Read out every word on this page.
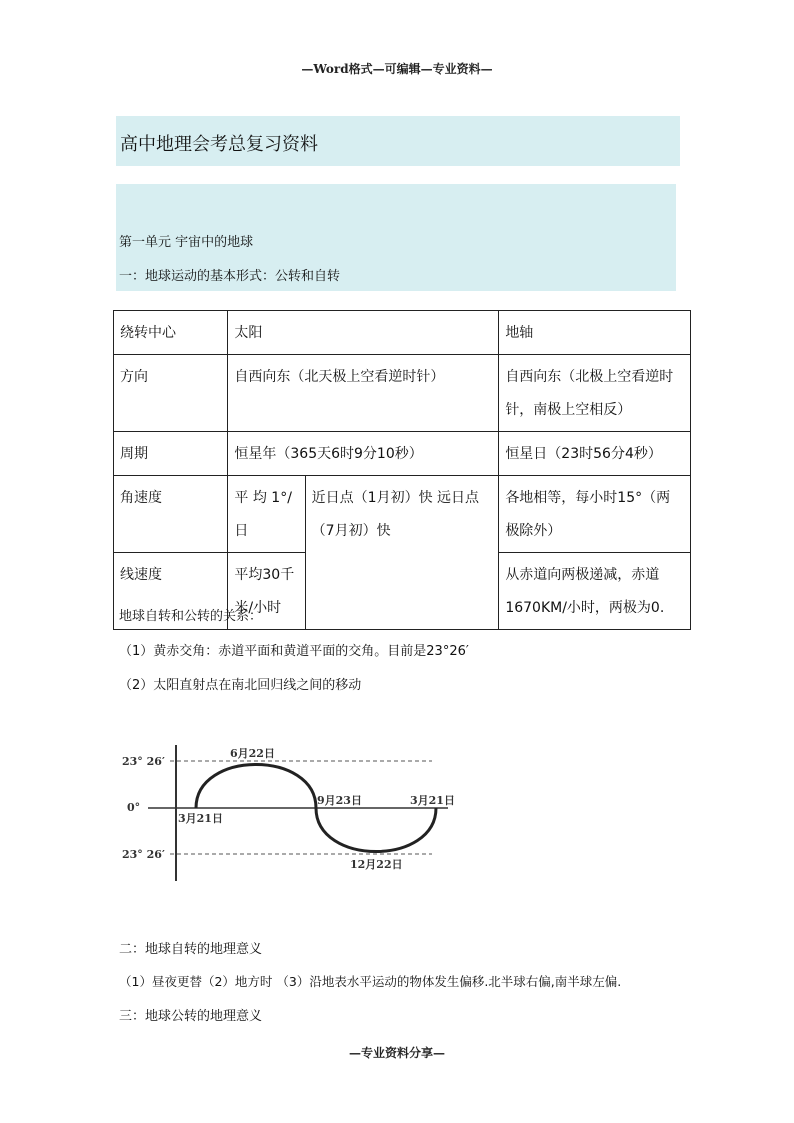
—Word格式—可编辑—专业资料—
高中地理会考总复习资料
第一单元 宇宙中的地球
一：地球运动的基本形式：公转和自转
绕转中心	太阳		地轴
方向	自西向东（北天极上空看逆时针）		自西向东（北极上空看逆时针，南极上空相反）
周期	恒星年（365天6时9分10秒）		恒星日（23时56分4秒）
角速度	平 均 1°/日	近日点（1月初）快 远日点（7月初）快	各地相等，每小时15°（两极除外）
线速度	平均30千米/小时		从赤道向两极递减，赤道1670KM/小时，两极为0.
地球自转和公转的关系：
（1）黄赤交角：赤道平面和黄道平面的交角。目前是23°26′
（2）太阳直射点在南北回归线之间的移动
23° 26′
0°
23° 26′
6月22日
3月21日
9月23日	3月21日
12月22日
二：地球自转的地理意义
（1）昼夜更替（2）地方时 （3）沿地表水平运动的物体发生偏移.北半球右偏,南半球左偏.
三：地球公转的地理意义
—专业资料分享—
